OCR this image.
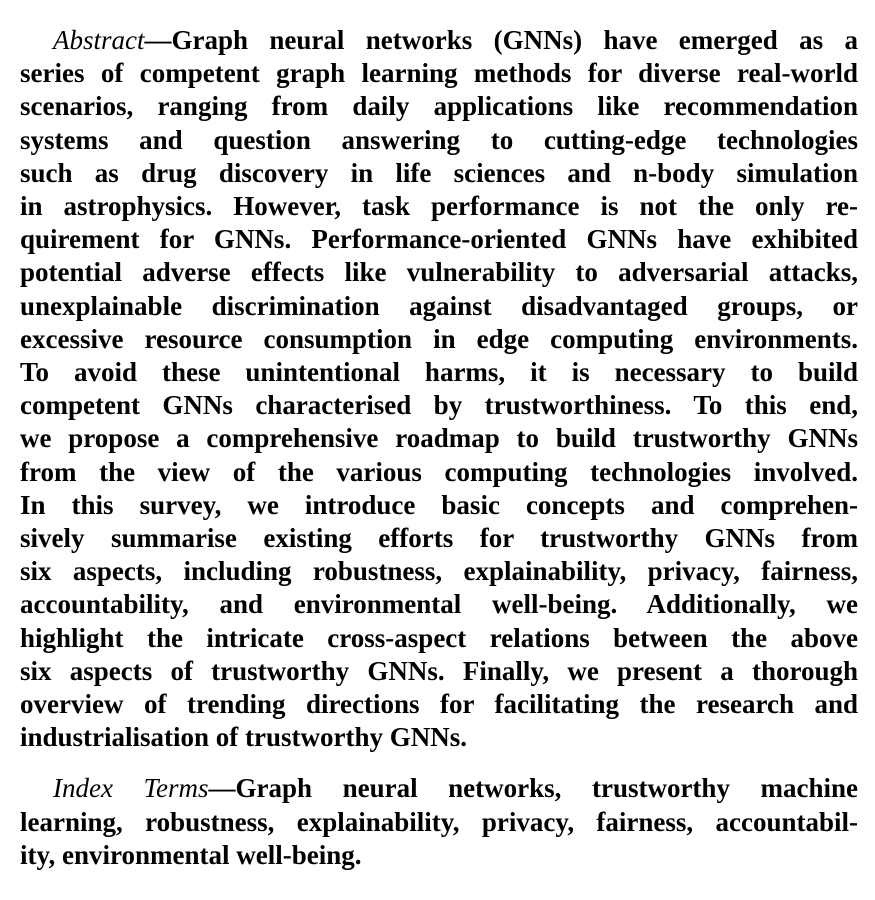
Abstract—Graph neural networks (GNNs) have emerged as a
series of competent graph learning methods for diverse real-world
scenarios, ranging from daily applications like recommendation
systems and question answering to cutting-edge technologies
such as drug discovery in life sciences and n-body simulation
in astrophysics. However, task performance is not the only re-
quirement for GNNs. Performance-oriented GNNs have exhibited
potential adverse effects like vulnerability to adversarial attacks,
unexplainable discrimination against disadvantaged groups, or
excessive resource consumption in edge computing environments.
To avoid these unintentional harms, it is necessary to build
competent GNNs characterised by trustworthiness. To this end,
we propose a comprehensive roadmap to build trustworthy GNNs
from the view of the various computing technologies involved.
In this survey, we introduce basic concepts and comprehen-
sively summarise existing efforts for trustworthy GNNs from
six aspects, including robustness, explainability, privacy, fairness,
accountability, and environmental well-being. Additionally, we
highlight the intricate cross-aspect relations between the above
six aspects of trustworthy GNNs. Finally, we present a thorough
overview of trending directions for facilitating the research and
industrialisation of trustworthy GNNs.
Index Terms—Graph neural networks, trustworthy machine
learning, robustness, explainability, privacy, fairness, accountabil-
ity, environmental well-being.
